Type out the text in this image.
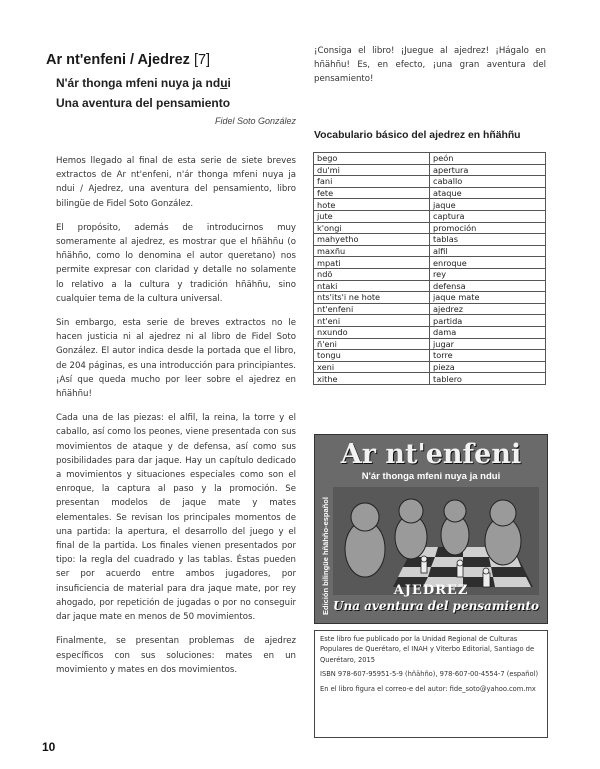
Ar nt'enfeni / Ajedrez [7]
N'ár thonga mfeni nuya ja ndui
Una aventura del pensamiento
Fidel Soto González

Hemos llegado al final de esta serie de siete breves extractos de Ar nt'enfeni, n'ár thonga mfeni nuya ja ndui / Ajedrez, una aventura del pensamiento, libro bilingüe de Fidel Soto González.

El propósito, además de introducirnos muy someramente al ajedrez, es mostrar que el hñähñu (o hñähño, como lo denomina el autor queretano) nos permite expresar con claridad y detalle no solamente lo relativo a la cultura y tradición hñähñu, sino cualquier tema de la cultura universal.

Sin embargo, esta serie de breves extractos no le hacen justicia ni al ajedrez ni al libro de Fidel Soto González. El autor indica desde la portada que el libro, de 204 páginas, es una introducción para principiantes. ¡Así que queda mucho por leer sobre el ajedrez en hñähñu!

Cada una de las piezas: el alfil, la reina, la torre y el caballo, así como los peones, viene presentada con sus movimientos de ataque y de defensa, así como sus posibilidades para dar jaque. Hay un capítulo dedicado a movimientos y situaciones especiales como son el enroque, la captura al paso y la promoción. Se presentan modelos de jaque mate y mates elementales. Se revisan los principales momentos de una partida: la apertura, el desarrollo del juego y el final de la partida. Los finales vienen presentados por tipo: la regla del cuadrado y las tablas. Éstas pueden ser por acuerdo entre ambos jugadores, por insuficiencia de material para dra jaque mate, por rey ahogado, por repetición de jugadas o por no conseguir dar jaque mate en menos de 50 movimientos.

Finalmente, se presentan problemas de ajedrez específicos con sus soluciones: mates en un movimiento y mates en dos movimientos.

¡Consiga el libro! ¡Juegue al ajedrez! ¡Hágalo en hñähñu! Es, en efecto, ¡una gran aventura del pensamiento!
Vocabulario básico del ajedrez en hñähñu
bego	peón
du'mi	apertura
fani	caballo
fete	ataque
hote	jaque
jute	captura
k'ongi	promoción
mahyetho	tablas
maxñu	alfil
mpati	enroque
ndö	rey
ntaki	defensa
nts'its'i ne hote	jaque mate
nt'enfeni	ajedrez
nt'eni	partida
nxundo	dama
ñ'eni	jugar
tongu	torre
xeni	pieza
xithe	tablero
Ar nt'enfeni
N'ár thonga mfeni nuya ja ndui
Edición bilingüe hñähño-español	AJEDREZ
Una aventura del pensamiento

Este libro fue publicado por la Unidad Regional de Culturas Populares de Querétaro, el INAH y Viterbo Editorial, Santiago de Querétaro, 2015

ISBN 978-607-95951-5-9 (hñähño), 978-607-00-4554-7 (español)

En el libro figura el correo-e del autor: fide_soto@yahoo.com.mx

10
